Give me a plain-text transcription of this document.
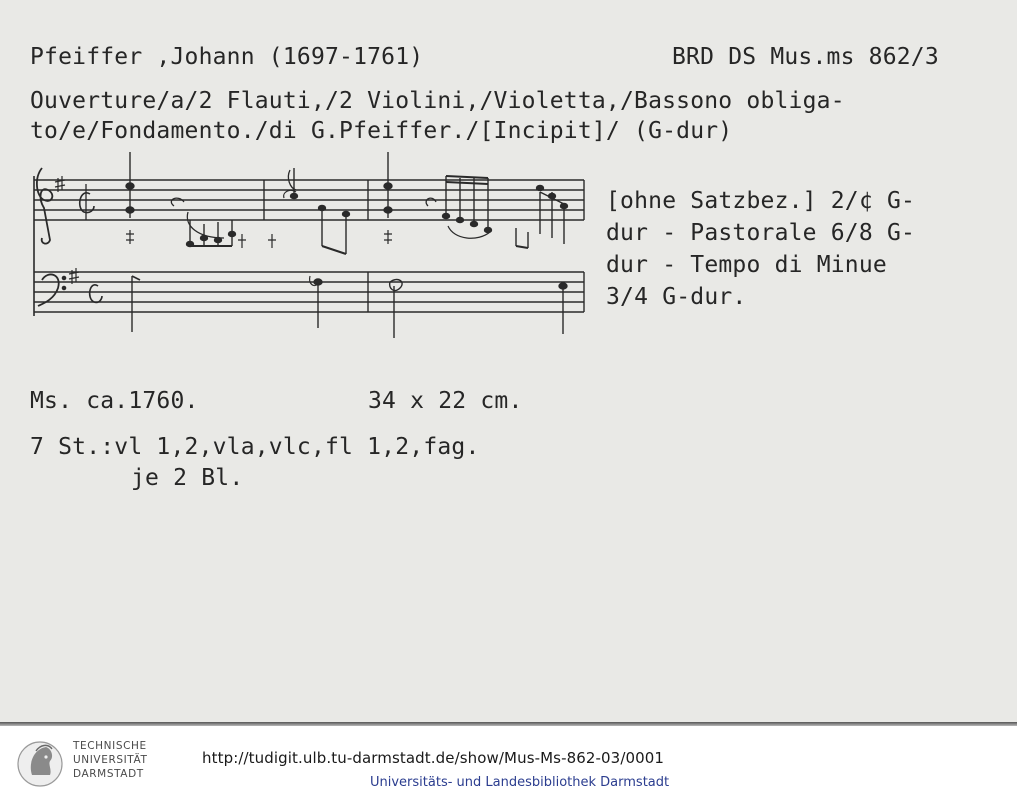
Pfeiffer ,Johann (1697-1761)	BRD DS Mus.ms 862/3
Ouverture/a/2 Flauti,/2 Violini,/Violetta,/Bassono obliga-
to/e/Fondamento./di G.Pfeiffer./[Incipit]/ (G-dur)
[ohne Satzbez.] 2/¢ G-
dur - Pastorale 6/8 G-
dur - Tempo di Minue
3/4 G-dur.
Ms. ca.1760.	34 x 22 cm.
7 St.:vl 1,2,vla,vlc,fl 1,2,fag.
je 2 Bl.
TECHNISCHE
UNIVERSITÄT
DARMSTADT
http://tudigit.ulb.tu-darmstadt.de/show/Mus-Ms-862-03/0001
Universitäts- und Landesbibliothek Darmstadt
